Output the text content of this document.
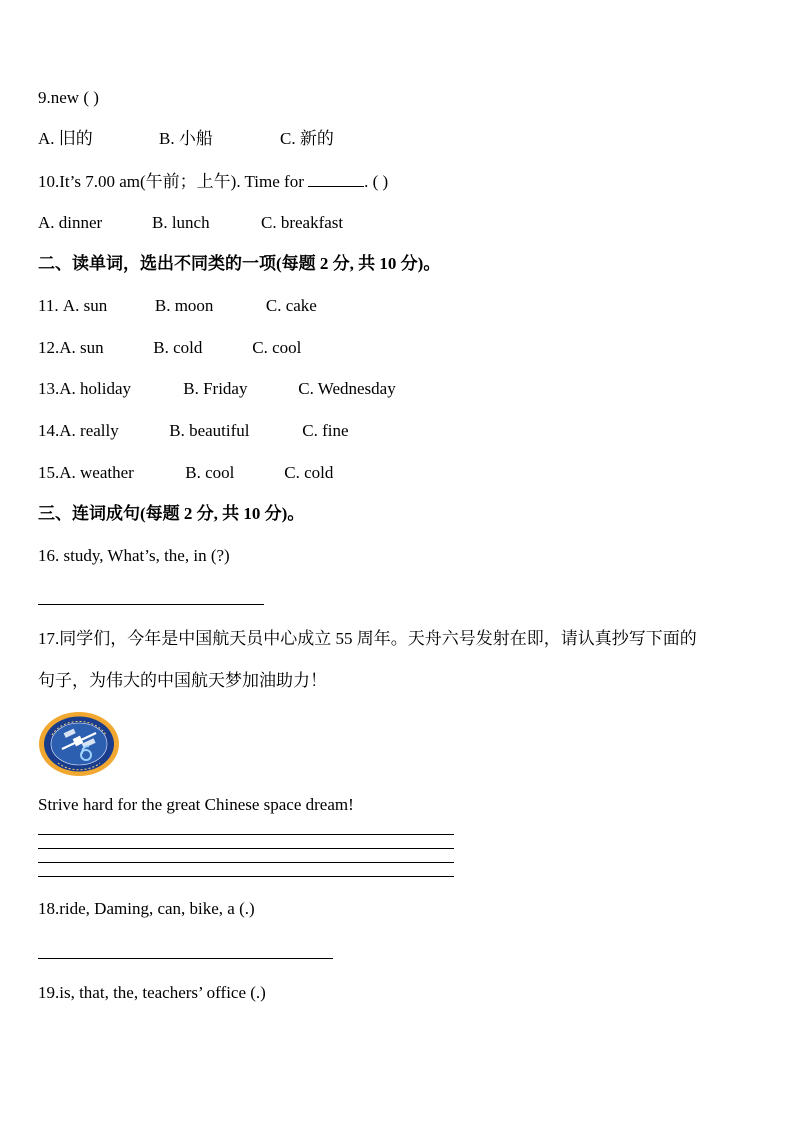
9.new ( )
A. 旧的	B. 小船	C. 新的
10.It’s 7.00 am(午前；上午). Time for	. ( )
A. dinner	B. lunch	C. breakfast
二、读单词，选出不同类的一项(每题 2 分, 共 10 分)。
11. A. sun	B. moon	C. cake
12.A. sun	B. cold	C. cool
13.A. holiday	B. Friday	C. Wednesday
14.A. really	B. beautiful	C. fine
15.A. weather	B. cool	C. cold
三、连词成句(每题 2 分, 共 10 分)。
16. study, What’s, the, in (?)
17.同学们，今年是中国航天员中心成立 55 周年。天舟六号发射在即，请认真抄写下面的
句子，为伟大的中国航天梦加油助力！
Strive hard for the great Chinese space dream!
18.ride, Daming, can, bike, a (.)
19.is, that, the, teachers’ office (.)
